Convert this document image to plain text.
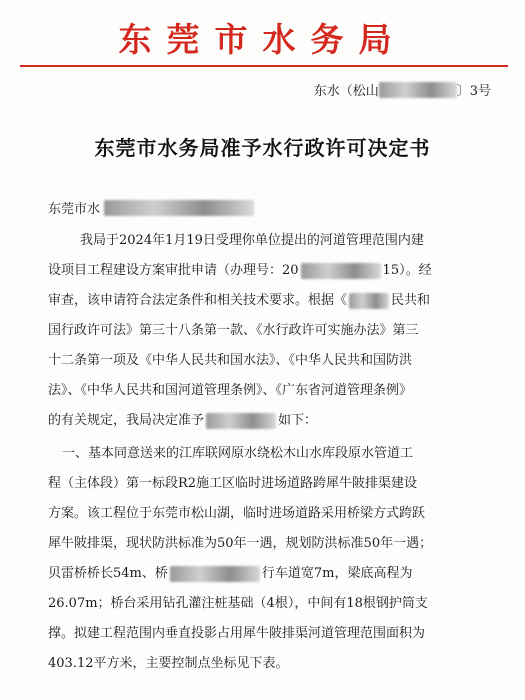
东莞市水务局
东水（松山	〕3号
东莞市水务局准予水行政许可决定书
东莞市水
我局于2024年1月19日受理你单位提出的河道管理范围内建
设项目工程建设方案审批申请（办理号：20	15）。经
审查，该申请符合法定条件和相关技术要求。根据《	民共和
国行政许可法》第三十八条第一款、《水行政许可实施办法》第三
十二条第一项及《中华人民共和国水法》、《中华人民共和国防洪
法》、《中华人民共和国河道管理条例》、《广东省河道管理条例》
的有关规定，我局决定准予	如下：
一、基本同意送来的江库联网原水绕松木山水库段原水管道工
程（主体段）第一标段R2施工区临时进场道路跨犀牛陂排渠建设
方案。该工程位于东莞市松山湖，临时进场道路采用桥梁方式跨跃
犀牛陂排渠，现状防洪标准为50年一遇，规划防洪标准50年一遇；
贝雷桥桥长54m、桥	行车道宽7m，梁底高程为
26.07m；桥台采用钻孔灌注桩基础（4根），中间有18根钢护筒支
撑。拟建工程范围内垂直投影占用犀牛陂排渠河道管理范围面积为
403.12平方米，主要控制点坐标见下表。
